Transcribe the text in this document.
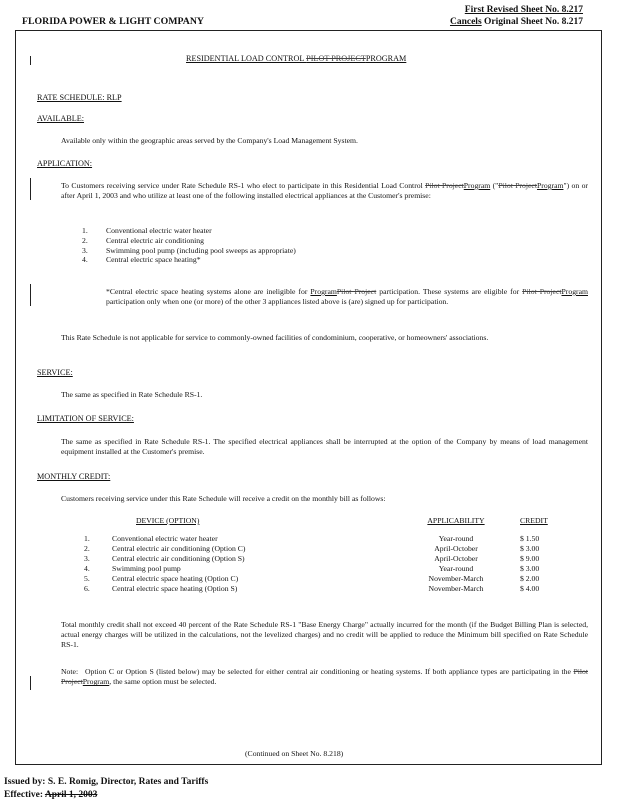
FLORIDA POWER & LIGHT COMPANY
First Revised Sheet No. 8.217
Cancels Original Sheet No. 8.217
RESIDENTIAL LOAD CONTROL PILOT PROJECTPROGRAM
RATE SCHEDULE: RLP
AVAILABLE:
Available only within the geographic areas served by the Company's Load Management System.
APPLICATION:
To Customers receiving service under Rate Schedule RS-1 who elect to participate in this Residential Load Control Pilot ProjectProgram ("Pilot ProjectProgram") on or after April 1, 2003 and who utilize at least one of the following installed electrical appliances at the Customer's premise:
1. Conventional electric water heater
2. Central electric air conditioning
3. Swimming pool pump (including pool sweeps as appropriate)
4. Central electric space heating*
*Central electric space heating systems alone are ineligible for ProgramPilot Project participation. These systems are eligible for Pilot ProjectProgram participation only when one (or more) of the other 3 appliances listed above is (are) signed up for participation.
This Rate Schedule is not applicable for service to commonly-owned facilities of condominium, cooperative, or homeowners' associations.
SERVICE:
The same as specified in Rate Schedule RS-1.
LIMITATION OF SERVICE:
The same as specified in Rate Schedule RS-1. The specified electrical appliances shall be interrupted at the option of the Company by means of load management equipment installed at the Customer's premise.
MONTHLY CREDIT:
Customers receiving service under this Rate Schedule will receive a credit on the monthly bill as follows:
	DEVICE (OPTION)	APPLICABILITY	CREDIT
1.	Conventional electric water heater	Year-round	$ 1.50
2.	Central electric air conditioning (Option C)	April-October	$ 3.00
3.	Central electric air conditioning (Option S)	April-October	$ 9.00
4.	Swimming pool pump	Year-round	$ 3.00
5.	Central electric space heating (Option C)	November-March	$ 2.00
6.	Central electric space heating (Option S)	November-March	$ 4.00
Total monthly credit shall not exceed 40 percent of the Rate Schedule RS-1 "Base Energy Charge" actually incurred for the month (if the Budget Billing Plan is selected, actual energy charges will be utilized in the calculations, not the levelized charges) and no credit will be applied to reduce the Minimum bill specified on Rate Schedule RS-1.
Note: Option C or Option S (listed below) may be selected for either central air conditioning or heating systems. If both appliance types are participating in the Pilot ProjectProgram, the same option must be selected.
(Continued on Sheet No. 8.218)
Issued by: S. E. Romig, Director, Rates and Tariffs
Effective: April 1, 2003
